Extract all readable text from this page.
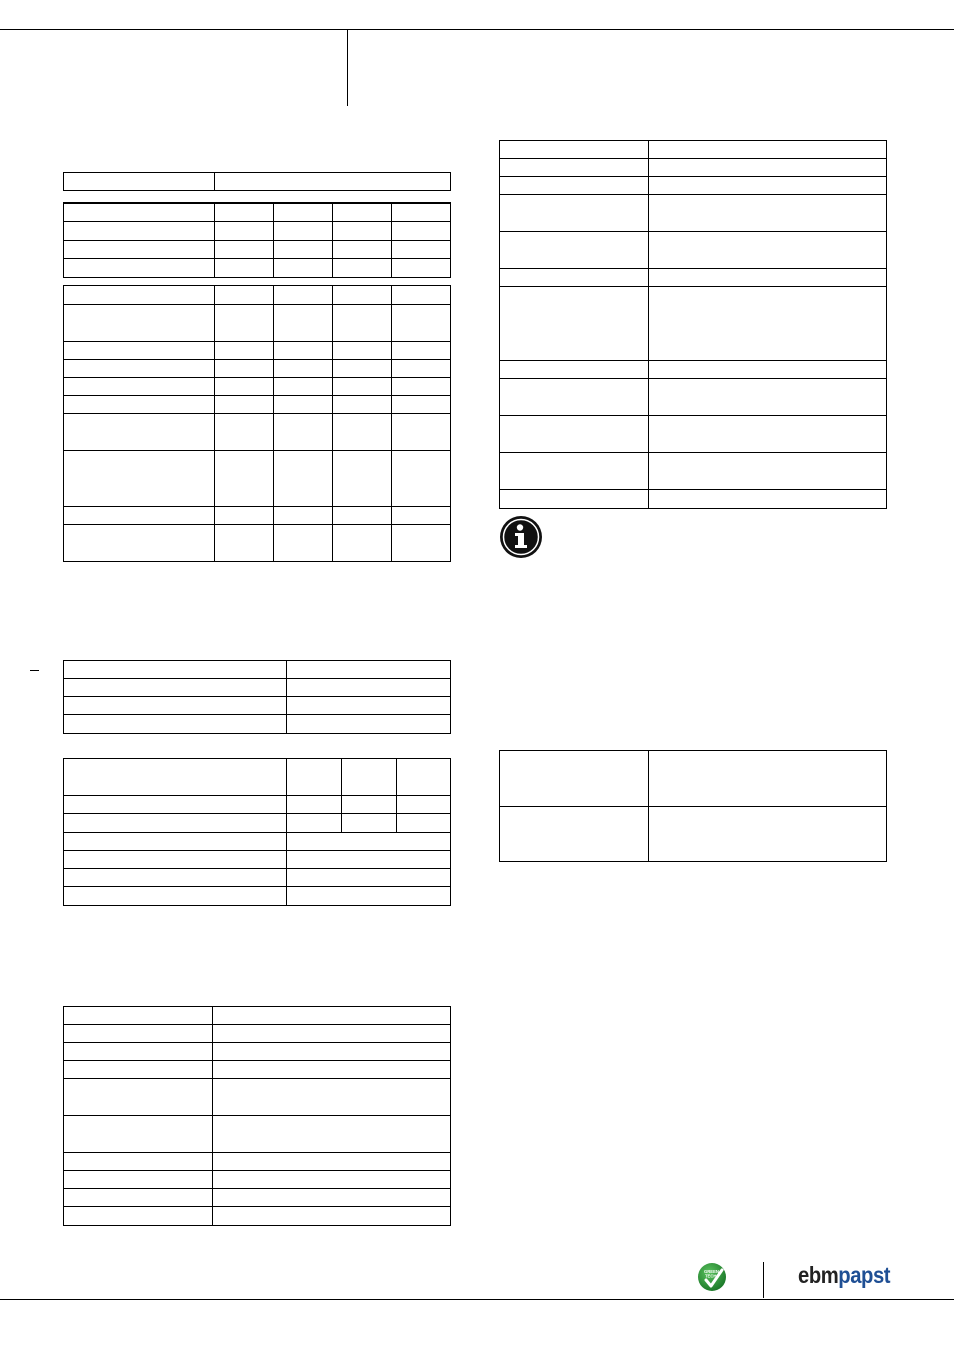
GREEN
TECH	ebmpapst
